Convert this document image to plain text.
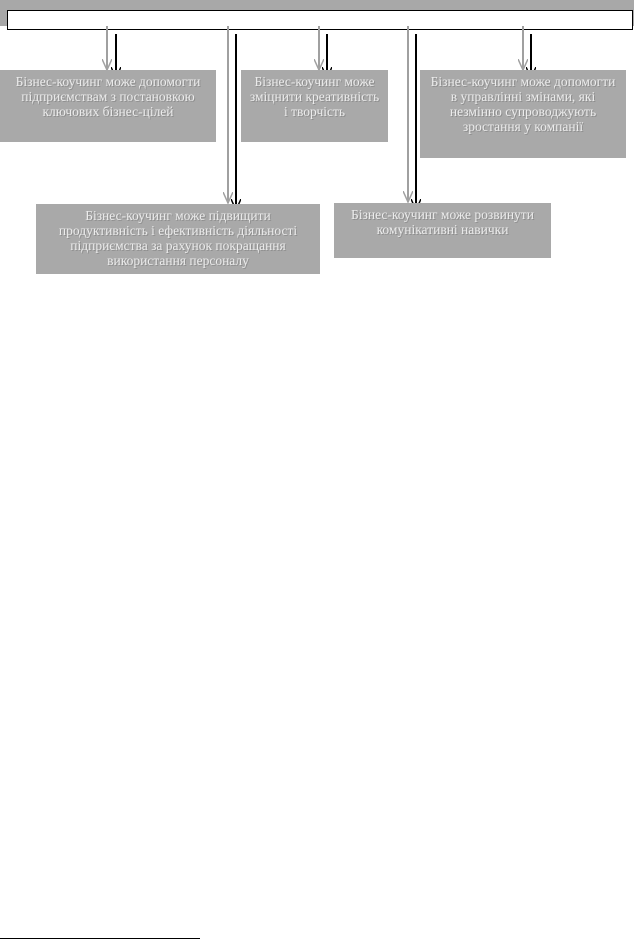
Бізнес-коучинг може допомогти підприємствам з постановкою ключових бізнес-цілей
Бізнес-коучинг може зміцнити креативність і творчість
Бізнес-коучинг може допомогти в управлінні змінами, які незмінно супроводжують зростання у компанії
Бізнес-коучинг може підвищити продуктивність і ефективність діяльності підприємства за рахунок покращання використання персоналу
Бізнес-коучинг може розвинути комунікативні навички
